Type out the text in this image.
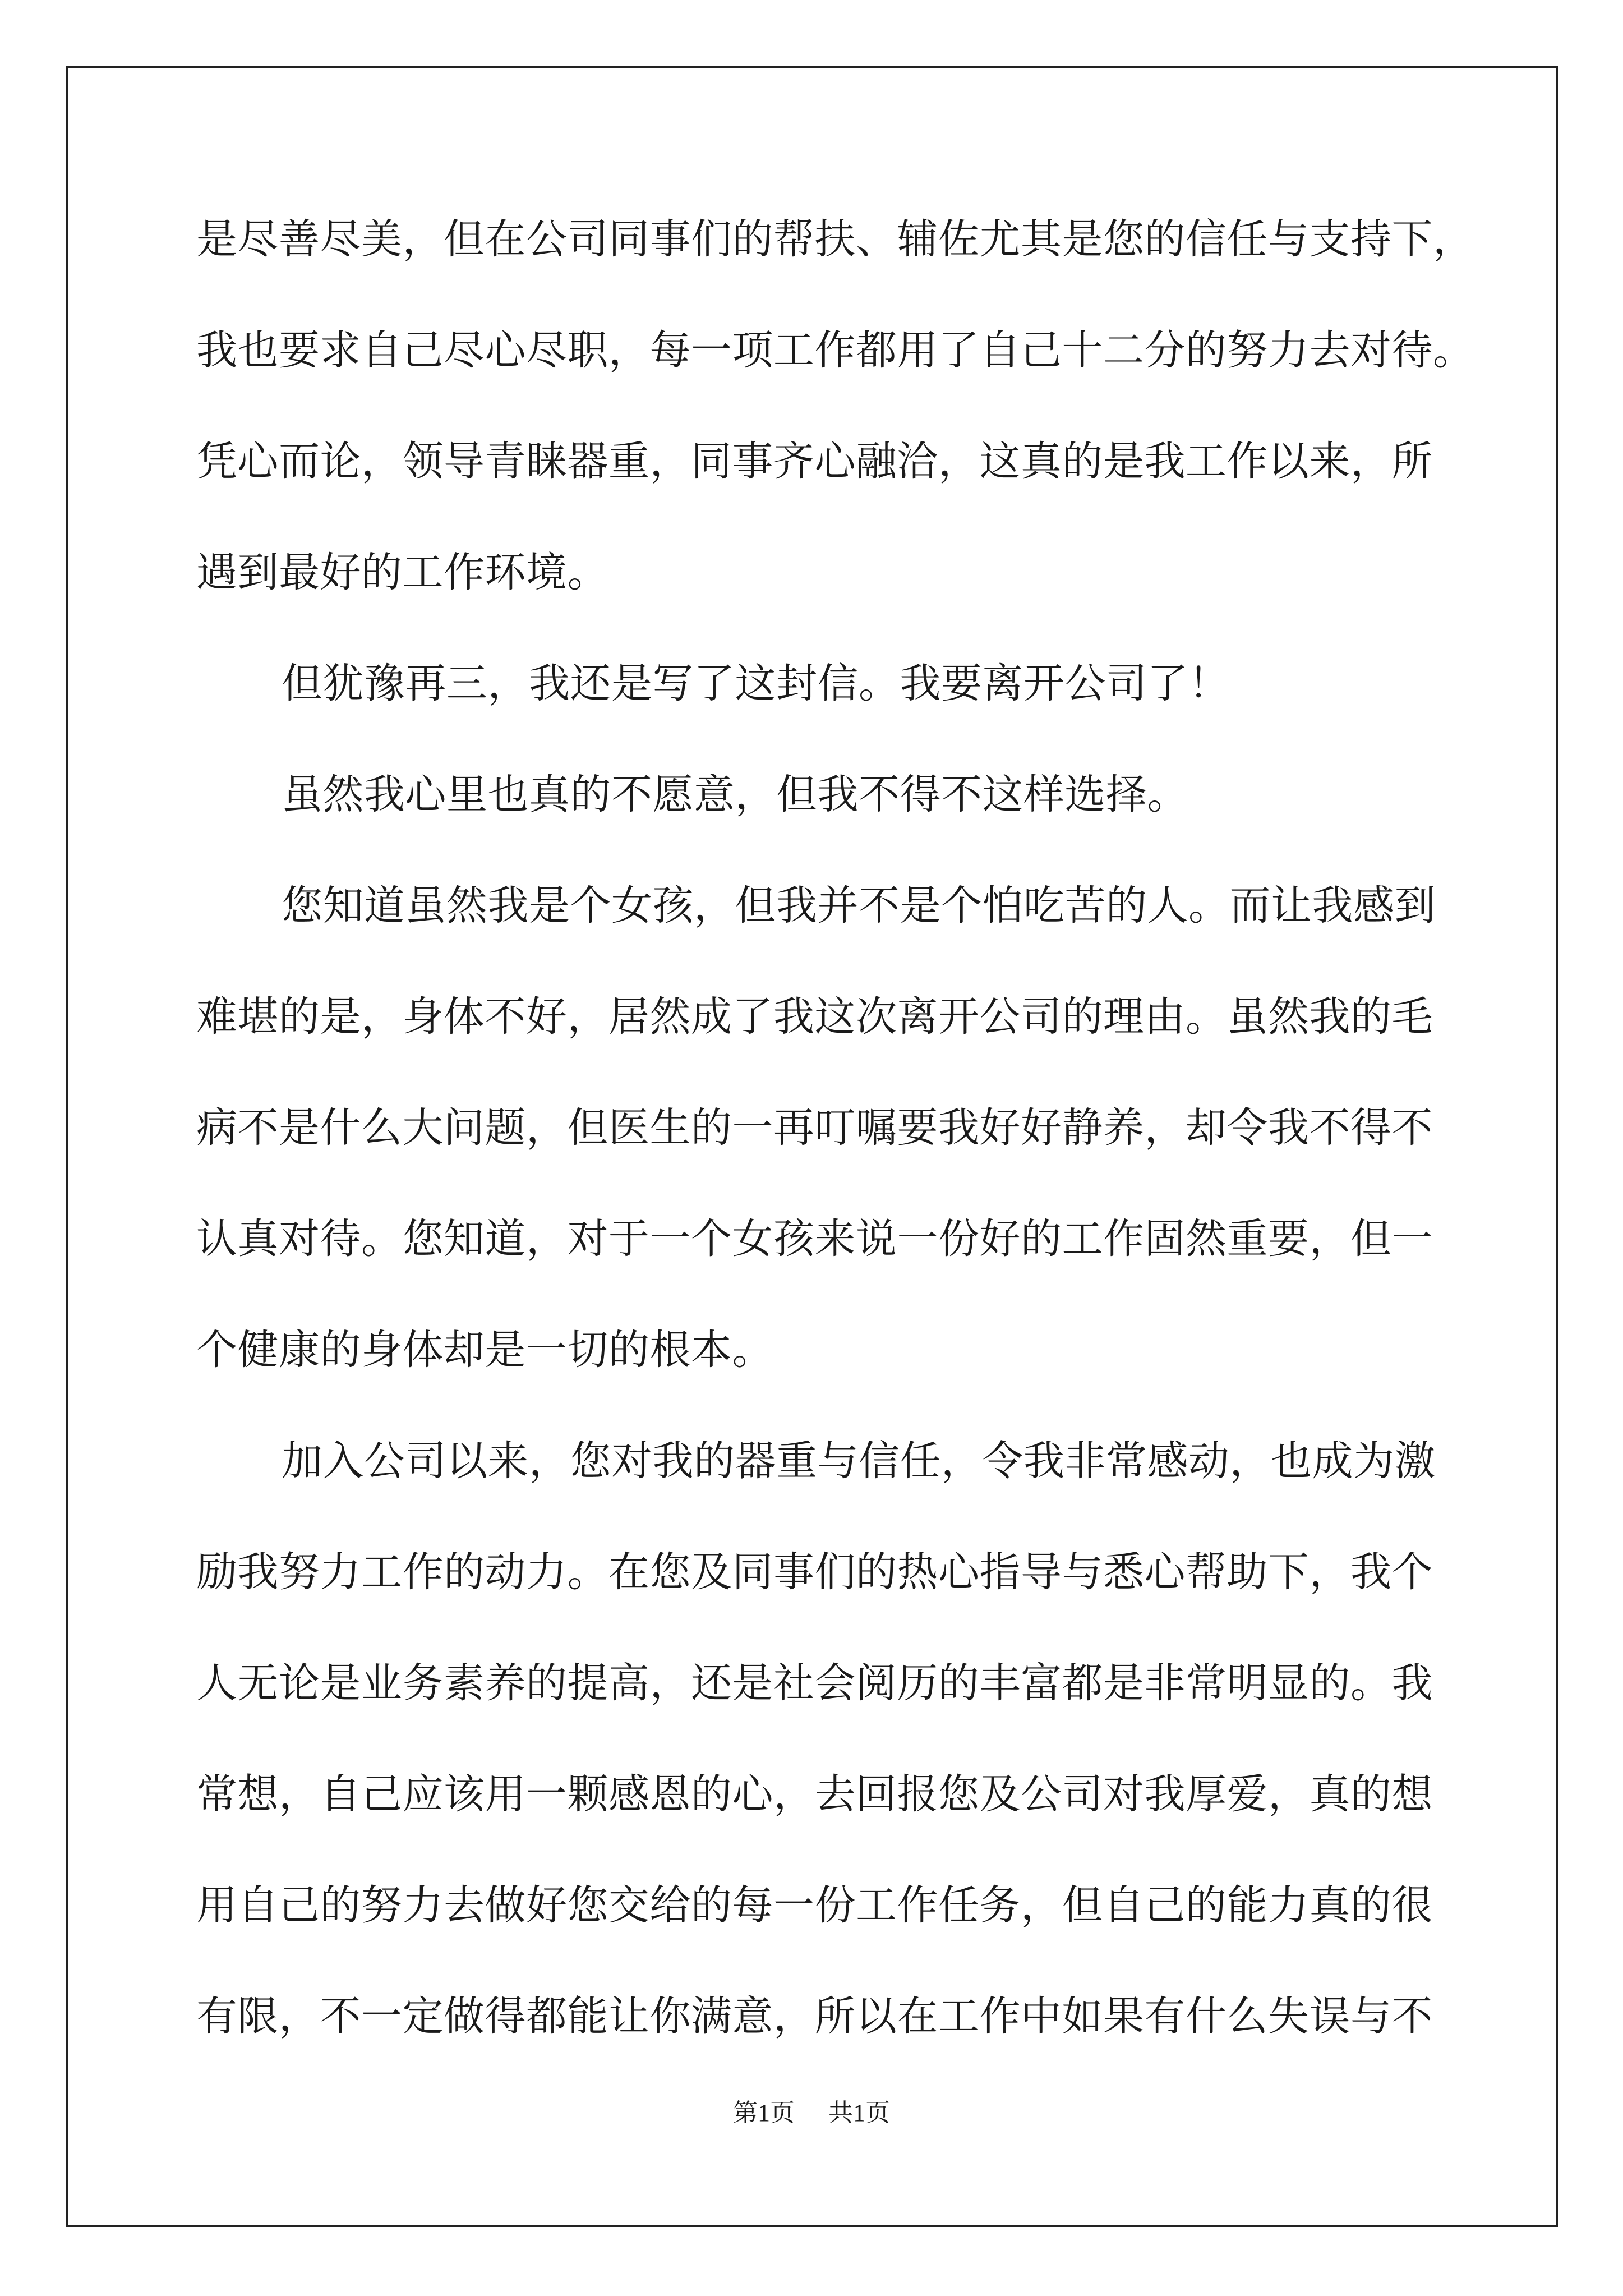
是尽善尽美，但在公司同事们的帮扶、辅佐尤其是您的信任与支持下，
我也要求自己尽心尽职，每一项工作都用了自己十二分的努力去对待。
凭心而论，领导青睐器重，同事齐心融洽，这真的是我工作以来，所
遇到最好的工作环境。
但犹豫再三，我还是写了这封信。我要离开公司了！
虽然我心里也真的不愿意，但我不得不这样选择。
您知道虽然我是个女孩，但我并不是个怕吃苦的人。而让我感到
难堪的是，身体不好，居然成了我这次离开公司的理由。虽然我的毛
病不是什么大问题，但医生的一再叮嘱要我好好静养，却令我不得不
认真对待。您知道，对于一个女孩来说一份好的工作固然重要，但一
个健康的身体却是一切的根本。
加入公司以来，您对我的器重与信任，令我非常感动，也成为激
励我努力工作的动力。在您及同事们的热心指导与悉心帮助下，我个
人无论是业务素养的提高，还是社会阅历的丰富都是非常明显的。我
常想，自己应该用一颗感恩的心，去回报您及公司对我厚爱，真的想
用自己的努力去做好您交给的每一份工作任务，但自己的能力真的很
有限，不一定做得都能让你满意，所以在工作中如果有什么失误与不
第1页 共1页
